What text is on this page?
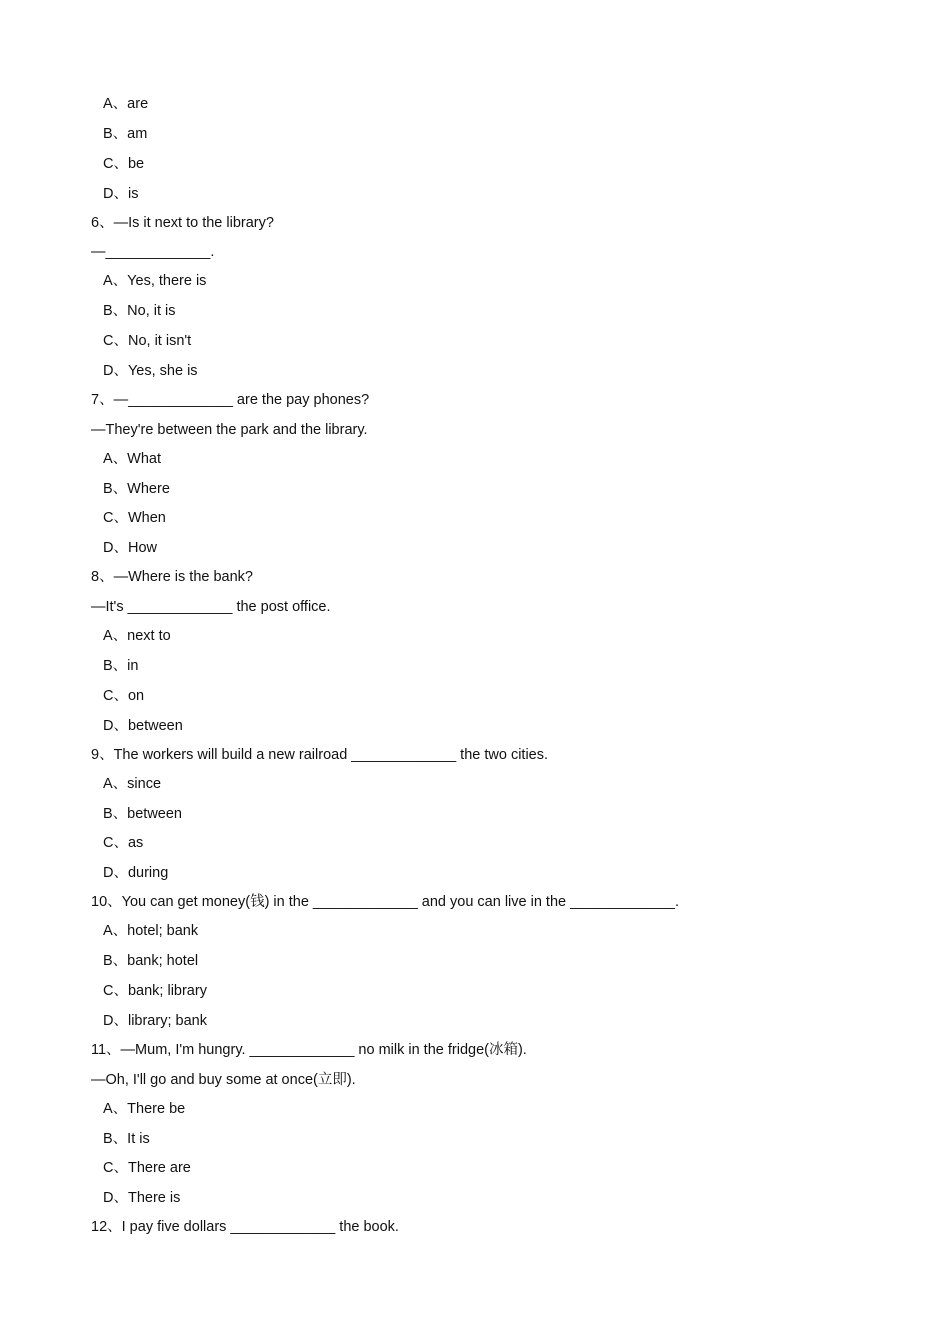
A、are
B、am
C、be
D、is
6、—Is it next to the library?
—_____________.
A、Yes, there is
B、No, it is
C、No, it isn't
D、Yes, she is
7、—_____________ are the pay phones?
—They're between the park and the library.
A、What
B、Where
C、When
D、How
8、—Where is the bank?
—It's _____________ the post office.
A、next to
B、in
C、on
D、between
9、The workers will build a new railroad _____________ the two cities.
A、since
B、between
C、as
D、during
10、You can get money(钱) in the _____________ and you can live in the _____________.
A、hotel; bank
B、bank; hotel
C、bank; library
D、library; bank
11、—Mum, I'm hungry. _____________ no milk in the fridge(冰箱).
—Oh, I'll go and buy some at once(立即).
A、There be
B、It is
C、There are
D、There is
12、I pay five dollars _____________ the book.
